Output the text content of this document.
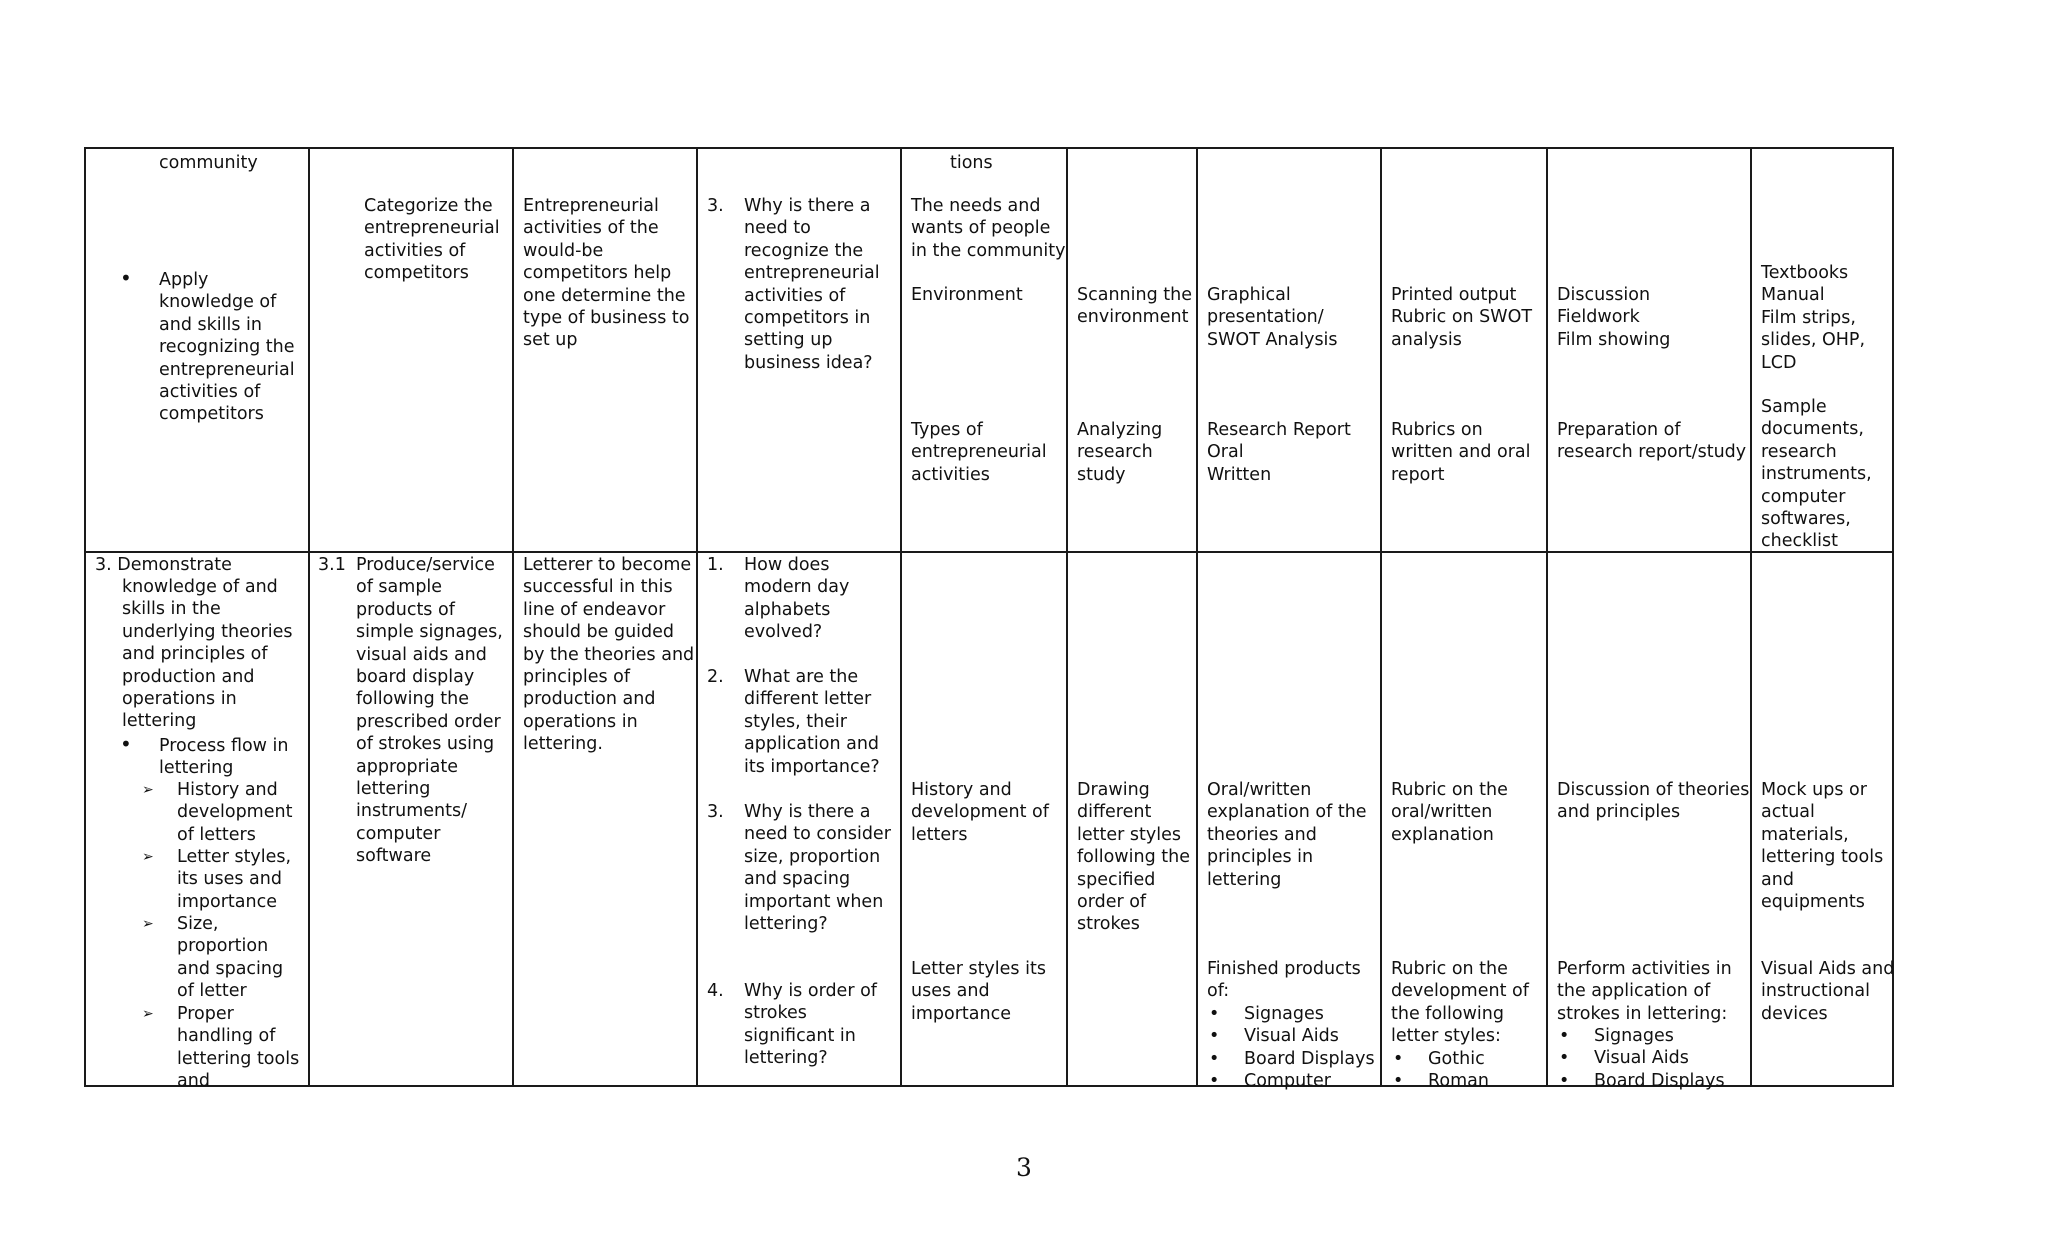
community
• Apply
knowledge of
and skills in
recognizing the
entrepreneurial
activities of
competitors
Categorize the
entrepreneurial
activities of
competitors
Entrepreneurial
activities of the
would-be
competitors help
one determine the
type of business to
set up
3. Why is there a
need to
recognize the
entrepreneurial
activities of
competitors in
setting up
business idea?
tions
The needs and
wants of people
in the community
Environment
Types of
entrepreneurial
activities
Scanning the
environment
Analyzing
research
study
Graphical
presentation/
SWOT Analysis
Research Report
Oral
Written
Printed output
Rubric on SWOT
analysis
Rubrics on
written and oral
report
Discussion
Fieldwork
Film showing
Preparation of
research report/study
Textbooks
Manual
Film strips,
slides, OHP,
LCD
Sample
documents,
research
instruments,
computer
softwares,
checklist
3. Demonstrate
knowledge of and
skills in the
underlying theories
and principles of
production and
operations in
lettering
• Process flow in
lettering
➢ History and
development
of letters
➢ Letter styles,
its uses and
importance
➢ Size,
proportion
and spacing
of letter
➢ Proper
handling of
lettering tools
and
3.1 Produce/service
of sample
products of
simple signages,
visual aids and
board display
following the
prescribed order
of strokes using
appropriate
lettering
instruments/
computer
software
Letterer to become
successful in this
line of endeavor
should be guided
by the theories and
principles of
production and
operations in
lettering.
1. How does
modern day
alphabets
evolved?
2. What are the
different letter
styles, their
application and
its importance?
3. Why is there a
need to consider
size, proportion
and spacing
important when
lettering?
4. Why is order of
strokes
significant in
lettering?
History and
development of
letters
Letter styles its
uses and
importance
Drawing
different
letter styles
following the
specified
order of
strokes
Oral/written
explanation of the
theories and
principles in
lettering
Finished products
of:
• Signages
• Visual Aids
• Board Displays
• Computer
Rubric on the
oral/written
explanation
Rubric on the
development of
the following
letter styles:
• Gothic
• Roman
Discussion of theories
and principles
Perform activities in
the application of
strokes in lettering:
• Signages
• Visual Aids
• Board Displays
Mock ups or
actual
materials,
lettering tools
and
equipments
Visual Aids and
instructional
devices
3
